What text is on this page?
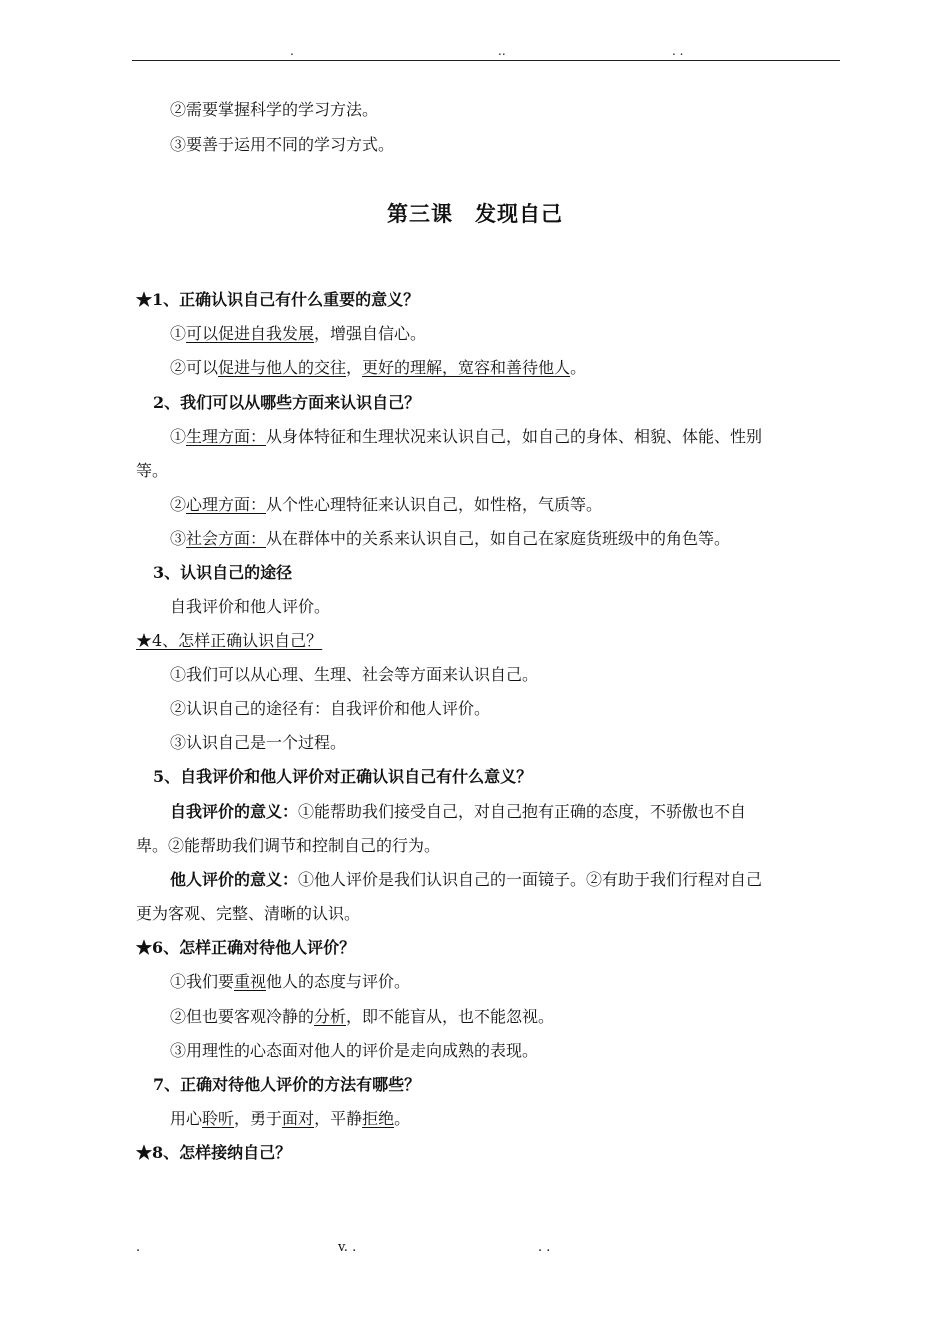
.	..	. .
②需要掌握科学的学习方法。
③要善于运用不同的学习方式。
第三课 发现自己
★1、正确认识自己有什么重要的意义？
①可以促进自我发展，增强自信心。
②可以促进与他人的交往，更好的理解，宽容和善待他人。
2、我们可以从哪些方面来认识自己？
①生理方面：从身体特征和生理状况来认识自己，如自己的身体、相貌、体能、性别
等。
②心理方面：从个性心理特征来认识自己，如性格，气质等。
③社会方面：从在群体中的关系来认识自己，如自己在家庭货班级中的角色等。
3、认识自己的途径
自我评价和他人评价。
★4、怎样正确认识自己？
①我们可以从心理、生理、社会等方面来认识自己。
②认识自己的途径有：自我评价和他人评价。
③认识自己是一个过程。
5、自我评价和他人评价对正确认识自己有什么意义？
自我评价的意义：①能帮助我们接受自己，对自己抱有正确的态度，不骄傲也不自
卑。②能帮助我们调节和控制自己的行为。
他人评价的意义：①他人评价是我们认识自己的一面镜子。②有助于我们行程对自己
更为客观、完整、清晰的认识。
★6、怎样正确对待他人评价？
①我们要重视他人的态度与评价。
②但也要客观冷静的分析，即不能盲从，也不能忽视。
③用理性的心态面对他人的评价是走向成熟的表现。
7、正确对待他人评价的方法有哪些？
用心聆听，勇于面对，平静拒绝。
★8、怎样接纳自己？
.	v. .	. .
